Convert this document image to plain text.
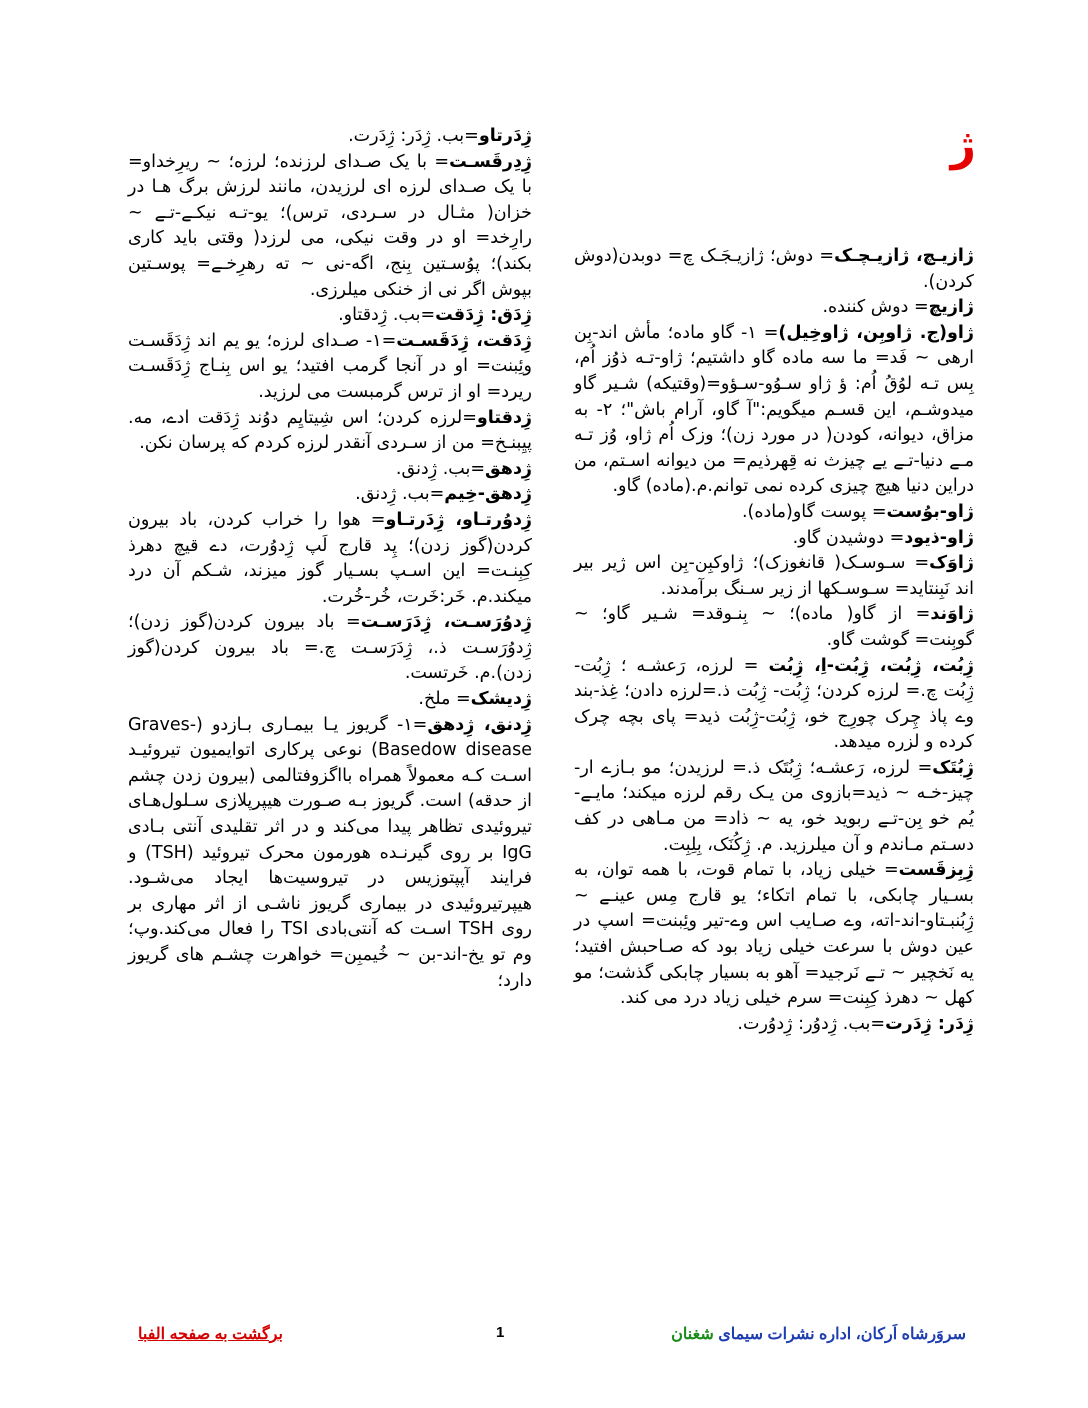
ژ

ژازیـچ، ژازیـچـک= دوش؛ ژازیـجَـک چ= دوبدن(دوش کردن).

ژازیچ= دوش کننده.

ژاو(ج. ژاوبِن، ژاوخِیل)= ۱- گاو ماده؛ مأش اند-بِن ارهی ~ فَد= ما سه ماده گاو داشتیم؛ ژاو-تـه ذوُز اُم، بِس تـه لوُقُ اُم: ؤ ژاو سـوُو-سـؤو=(وقتیکه) شـیر گاو میدوشـم، این قسـم میگویم:"آ گاو، آرام باش"؛ ۲- به مزاق، دیوانه، کودن( در مورد زن)؛ وزک اُم ژاو، وُز تـه مـے دنیا-تـے یے چیزث نه قِهرذیم= من دیوانه اسـتم، من دراین دنیا هیچ چیزی کرده نمی توانم.م.(ماده) گاو.

ژاو-بوُست= پوست گاو(ماده).

ژاو-ذیود= دوشیدن گاو.

ژاوَک= سـوسـک( قانغوزک)؛ ژاوکبِن-بِن اس ژیر بیر اند نَبِنتاید= سـوسـکها از زیر سـنگ برآمدند.

ژاوَند= از گاو( ماده)؛ ~ بِنـوقد= شـیر گاو؛ ~ گوبِنت= گوشت گاو.

ژِبُت، ژِبُت، ژِبُت-اِ، ژِبُت = لرزه، رَعشـه ؛ ژِبُت- ژِبُت چ.= لرزه کردن؛ ژِبُت- ژِبُت ذ.=لرزه دادن؛ غِذ-بند وے پاذ چِرک چورِج خو، ژِبُت-ژِبُت ذید= پای بچه چرک کرده و لزره میدهد.

ژِبُتَک= لرزه، رَعشـه؛ ژِبُتَک ذ.= لرزیدن؛ مو بـازے ار-چیز-خـه ~ ذید=بازوی من یـک رقم لرزه میکند؛ مایـے-یُم خو بِن-تـے ربوید خو، یه ~ ذاد= من مـاهی در کف دسـتم مـاندم و آن میلرزید. م. ژِکُنَک، بِلِبِت.

ژِبِزقَست= خیلی زیاد، با تمام قوت، با همه توان، به بسـیار چابکی، با تمام اتکاء؛ یو قارج مِس عینـے ~ ژِبُنبـتاو-اند-اته، وے صـایب اس وے-تیر وئِبنت= اسپ در عین دوش با سرعت خیلی زیاد بود که صـاحبش افتید؛ یه نَخچیر ~ تـے نَرجید= آهو به بسیار چابکی گذشت؛ مو کهل ~ دهرذ کِبِنت= سرم خیلی زیاد درد می کند.

ژِدَر: ژِدَرت=بب. ژِدوُر: ژِدوُرت.

ژِدَرتاو=بب. ژِدَر: ژِدَرت.

ژِدِرقَسـت= با یک صـدای لرزنده؛ لرزه؛ ~ ریرِخداو= با یک صـدای لرزه ای لرزیدن، مانند لرزش برگ هـا در خزان( مثـال در سـردی، ترس)؛ یو-تـه نیکـے-تـے ~ رارِخد= او در وقت نیکی، می لرزد( وقتی باید کاری بکند)؛ پوُسـتین بِنج، اگه-نی ~ ته رهرِخـے= پوسـتین بپوش اگر نی از خنکی میلرزی.

ژِدَق: ژِدَقت=بب. ژِدقتاو.

ژِدَقت، ژِدَقَسـت=۱- صـدای لرزه؛ یو یم اند ژِدَقَسـت وئِبنت= او در آنجا گرمب افتید؛ یو اس بِنـاج ژِدَقَسـت ریرد= او از ترس گرمبست می لرزید.

ژِدقتاو=لرزه کردن؛ اس شِیتایِم دوُند ژِدَقت ادے، مه. پیِبنـخ= من از سـردی آنقدر لرزه کردم که پرسان نکن.

ژِدهق=بب. ژِدنق.

ژِدهق-خِیم=بب. ژِدنق.

ژِدوُرتـاو، ژِدَرتـاو= هوا را خراب کردن، باد بیرون کردن(گوز زدن)؛ پِد قارج لَپ ژِدوُرت، دے قیچ دهرذ کِبِنـت= این اسـپ بسـیار گوز میزند، شـکم آن درد میکند.م. خَر:خَرت، خُر-خُرت.

ژِدوُرَسـت، ژِدَرَسـت= باد بیرون کردن(گوز زدن)؛ ژِدوُرَسـت ذ.، ژِدَرَسـت چ.= باد بیرون کردن(گوز زدن).م. خَرتست.

ژِدیشک= ملخ.

ژِدنق، ژِدهق=۱- گریوز یـا بیمـاری بـازدو (Graves-Basedow disease) نوعی پرکاری اتوایمیون تیروئیـد اسـت کـه معمولاً همراه بااگزوفتالمی (بیرون زدن چشم از حدقه) است. گریوز بـه صـورت هیپرپلازی سـلول‌هـای تیروئیدی تظاهر پیدا می‌کند و در اثر تقلیدی آنتی بـادی IgG بر روی گیرنـده هورمون محرک تیروئید (TSH) و فرایند آپپتوزیس در تیروسیت‌ها ایجاد می‌شـود. هیپرتیروئیدی در بیماری گریوز ناشـی از اثر مهاری بر روی TSH اسـت که آنتی‌بادی TSI را فعال می‌کند.وپ؛ وم تو یخ-اند-بن ~ خُیمبِن= خواهرت چشـم های گریوز دارد؛

سروَرشاه اَرکان، اداره نشرات سیمای شغنان
1
برگشت به صفحه الفبا
